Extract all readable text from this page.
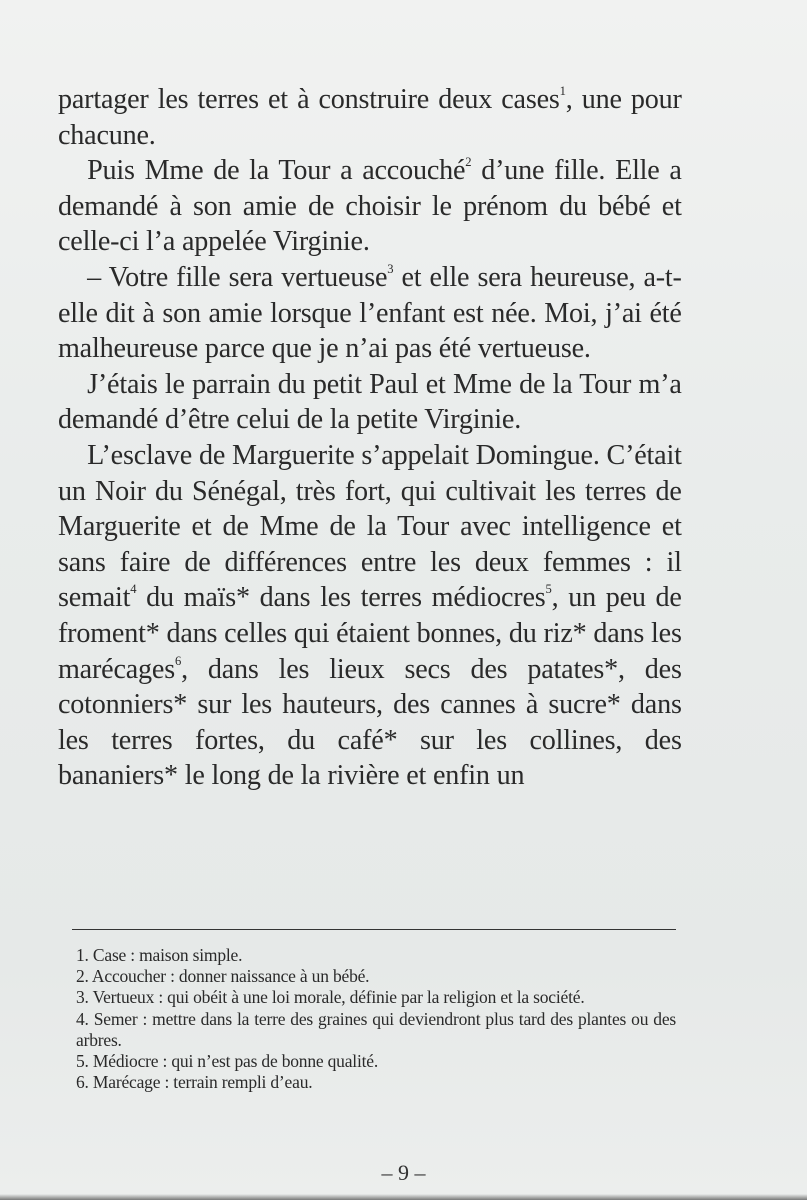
partager les terres et à construire deux cases$^1$, une pour chacune.

Puis Mme de la Tour a accouché$^2$ d’une fille. Elle a demandé à son amie de choisir le prénom du bébé et celle-ci l’a appelée Virginie.

– Votre fille sera vertueuse$^3$ et elle sera heureuse, a-t-elle dit à son amie lorsque l’enfant est née. Moi, j’ai été malheureuse parce que je n’ai pas été vertueuse.

J’étais le parrain du petit Paul et Mme de la Tour m’a demandé d’être celui de la petite Virginie.

L’esclave de Marguerite s’appelait Domingue. C’était un Noir du Sénégal, très fort, qui cultivait les terres de Marguerite et de Mme de la Tour avec intelligence et sans faire de différences entre les deux femmes : il semait$^4$ du maïs* dans les terres médiocres$^5$, un peu de froment* dans celles qui étaient bonnes, du riz* dans les marécages$^6$, dans les lieux secs des patates*, des cotonniers* sur les hauteurs, des cannes à sucre* dans les terres fortes, du café* sur les collines, des bananiers* le long de la rivière et enfin un

1. Case : maison simple.

2. Accoucher : donner naissance à un bébé.

3. Vertueux : qui obéit à une loi morale, définie par la religion et la société.

4. Semer : mettre dans la terre des graines qui deviendront plus tard des plantes ou des arbres.

5. Médiocre : qui n’est pas de bonne qualité.

6. Marécage : terrain rempli d’eau.

– 9 –
